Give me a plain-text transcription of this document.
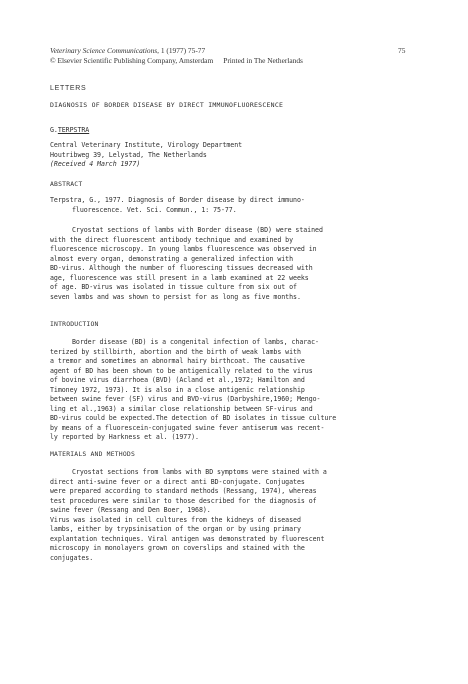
Veterinary Science Communications, 1 (1977) 75-77
© Elsevier Scientific Publishing Company, Amsterdam Printed in The Netherlands
75
LETTERS
DIAGNOSIS OF BORDER DISEASE BY DIRECT IMMUNOFLUORESCENCE
G.TERPSTRA

Central Veterinary Institute, Virology Department

Houtribweg 39, Lelystad, The Netherlands

(Received 4 March 1977)

ABSTRACT

Terpstra, G., 1977. Diagnosis of Border disease by direct immuno-

fluorescence. Vet. Sci. Commun., 1: 75-77.

Cryostat sections of lambs with Border disease (BD) were stained

with the direct fluorescent antibody technique and examined by

fluorescence microscopy. In young lambs fluorescence was observed in

almost every organ, demonstrating a generalized infection with

BD-virus. Although the number of fluorescing tissues decreased with

age, fluorescence was still present in a lamb examined at 22 weeks

of age. BD-virus was isolated in tissue culture from six out of

seven lambs and was shown to persist for as long as five months.

INTRODUCTION

Border disease (BD) is a congenital infection of lambs, charac-

terized by stillbirth, abortion and the birth of weak lambs with

a tremor and sometimes an abnormal hairy birthcoat. The causative

agent of BD has been shown to be antigenically related to the virus

of bovine virus diarrhoea (BVD) (Acland et al.,1972; Hamilton and

Timoney 1972, 1973). It is also in a close antigenic relationship

between swine fever (SF) virus and BVD-virus (Darbyshire,1960; Mengo-

ling et al.,1963) a similar close relationship between SF-virus and

BD-virus could be expected.The detection of BD isolates in tissue culture

by means of a fluorescein-conjugated swine fever antiserum was recent-

ly reported by Harkness et al. (1977).

MATERIALS AND METHODS

Cryostat sections from lambs with BD symptoms were stained with a

direct anti-swine fever or a direct anti BD-conjugate. Conjugates

were prepared according to standard methods (Ressang, 1974), whereas

test procedures were similar to those described for the diagnosis of

swine fever (Ressang and Den Boer, 1968).

Virus was isolated in cell cultures from the kidneys of diseased

lambs, either by trypsinisation of the organ or by using primary

explantation techniques. Viral antigen was demonstrated by fluorescent

microscopy in monolayers grown on coverslips and stained with the

conjugates.
